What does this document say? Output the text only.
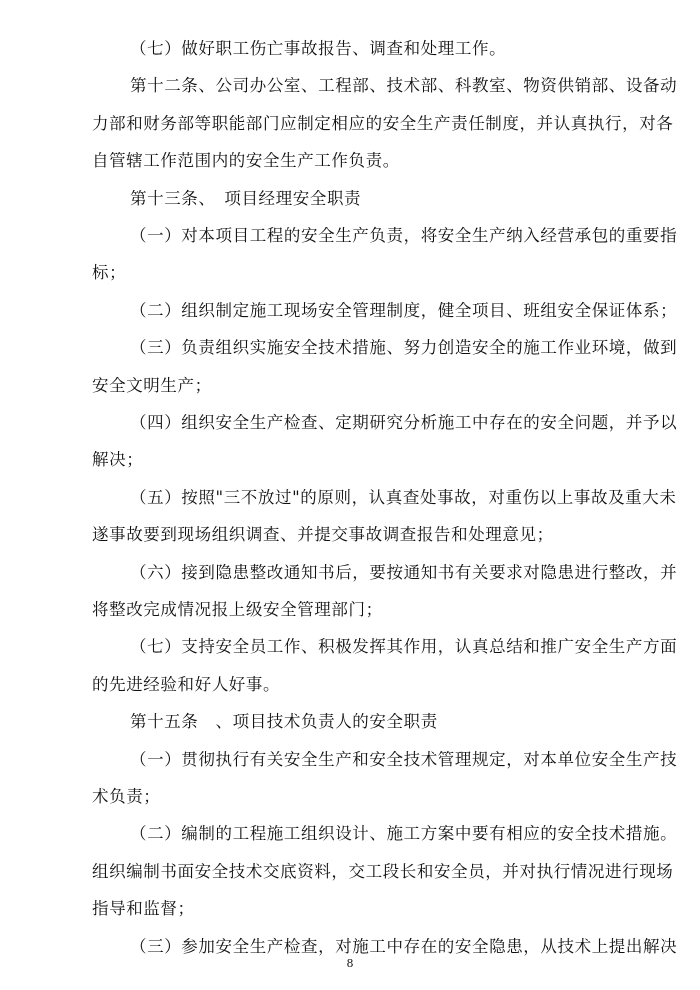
（七）做好职工伤亡事故报告、调查和处理工作。
第十二条、公司办公室、工程部、技术部、科教室、物资供销部、设备动
力部和财务部等职能部门应制定相应的安全生产责任制度，并认真执行，对各
自管辖工作范围内的安全生产工作负责。
第十三条、　项目经理安全职责
（一）对本项目工程的安全生产负责，将安全生产纳入经营承包的重要指
标；
（二）组织制定施工现场安全管理制度，健全项目、班组安全保证体系；
（三）负责组织实施安全技术措施、努力创造安全的施工作业环境，做到
安全文明生产；
（四）组织安全生产检查、定期研究分析施工中存在的安全问题，并予以
解决；
（五）按照"三不放过"的原则，认真查处事故，对重伤以上事故及重大未
遂事故要到现场组织调查、并提交事故调查报告和处理意见；
（六）接到隐患整改通知书后，要按通知书有关要求对隐患进行整改，并
将整改完成情况报上级安全管理部门；
（七）支持安全员工作、积极发挥其作用，认真总结和推广安全生产方面
的先进经验和好人好事。
第十五条　、项目技术负责人的安全职责
（一）贯彻执行有关安全生产和安全技术管理规定，对本单位安全生产技
术负责；
（二）编制的工程施工组织设计、施工方案中要有相应的安全技术措施。
组织编制书面安全技术交底资料，交工段长和安全员，并对执行情况进行现场
指导和监督；
（三）参加安全生产检查，对施工中存在的安全隐患，从技术上提出解决
8
